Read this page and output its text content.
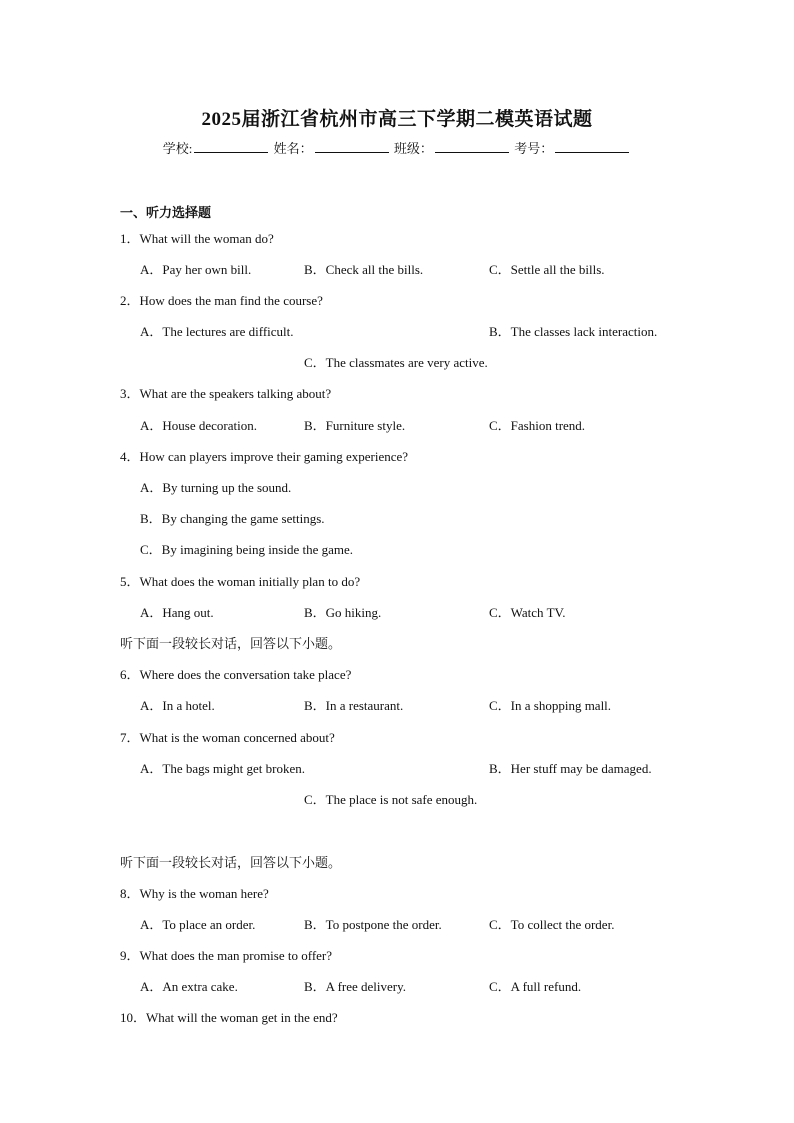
2025届浙江省杭州市高三下学期二模英语试题
学校:	姓名：	班级：	考号：
一、听力选择题
1．What will the woman do?
A．Pay her own bill.	B．Check all the bills.	C．Settle all the bills.
2．How does the man find the course?
A．The lectures are difficult.	B．The classes lack interaction.
C．The classmates are very active.
3．What are the speakers talking about?
A．House decoration.	B．Furniture style.	C．Fashion trend.
4．How can players improve their gaming experience?
A．By turning up the sound.
B．By changing the game settings.
C．By imagining being inside the game.
5．What does the woman initially plan to do?
A．Hang out.	B．Go hiking.	C．Watch TV.
听下面一段较长对话，回答以下小题。
6．Where does the conversation take place?
A．In a hotel.	B．In a restaurant.	C．In a shopping mall.
7．What is the woman concerned about?
A．The bags might get broken.	B．Her stuff may be damaged.
C．The place is not safe enough.
听下面一段较长对话，回答以下小题。
8．Why is the woman here?
A．To place an order.	B．To postpone the order.	C．To collect the order.
9．What does the man promise to offer?
A．An extra cake.	B．A free delivery.	C．A full refund.
10．What will the woman get in the end?
